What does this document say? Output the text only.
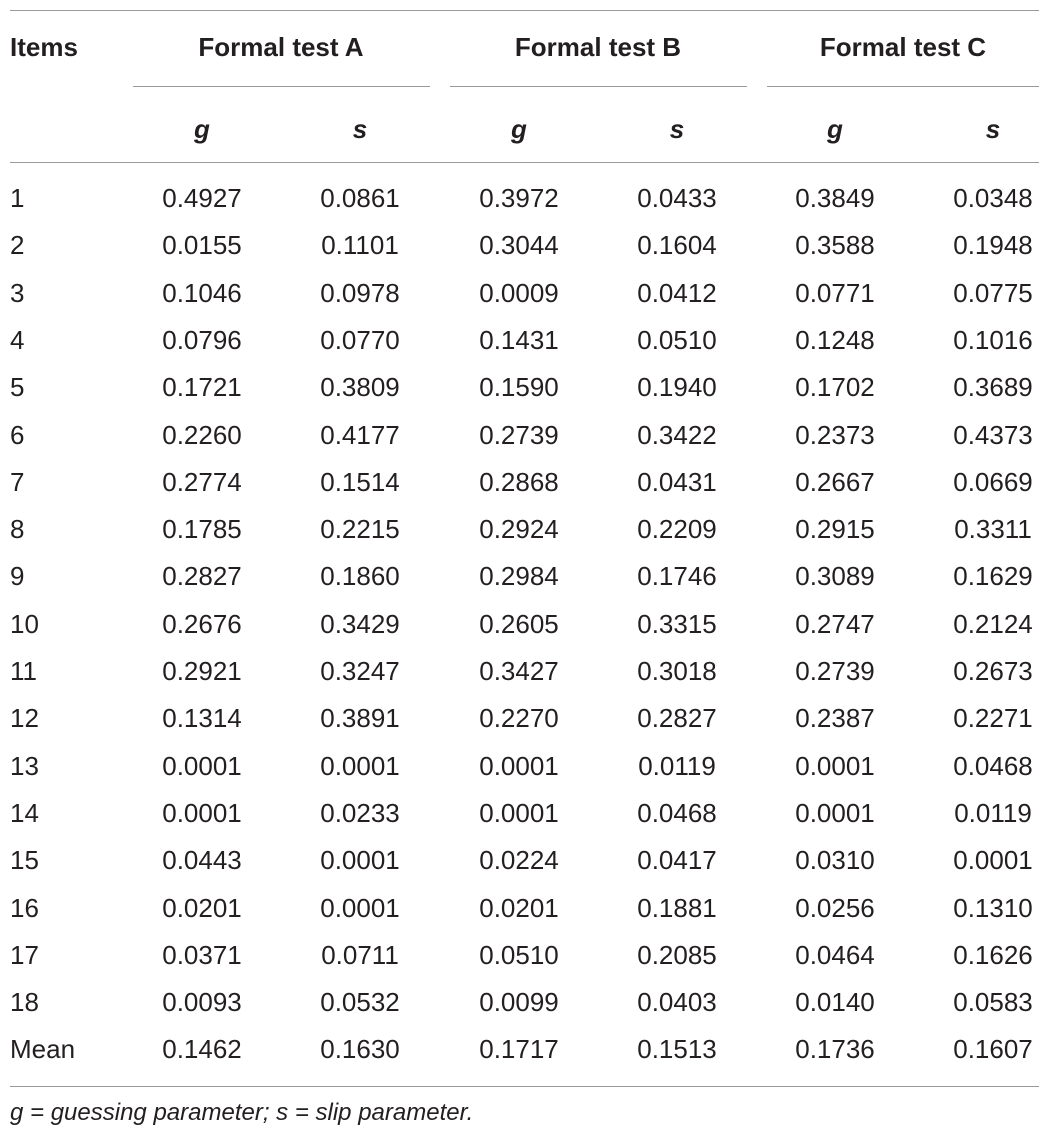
Items	Formal test A	Formal test B	Formal test C
g	s	g	s	g	s
1	0.4927	0.0861	0.3972	0.0433	0.3849	0.0348
2	0.0155	0.1101	0.3044	0.1604	0.3588	0.1948
3	0.1046	0.0978	0.0009	0.0412	0.0771	0.0775
4	0.0796	0.0770	0.1431	0.0510	0.1248	0.1016
5	0.1721	0.3809	0.1590	0.1940	0.1702	0.3689
6	0.2260	0.4177	0.2739	0.3422	0.2373	0.4373
7	0.2774	0.1514	0.2868	0.0431	0.2667	0.0669
8	0.1785	0.2215	0.2924	0.2209	0.2915	0.3311
9	0.2827	0.1860	0.2984	0.1746	0.3089	0.1629
10	0.2676	0.3429	0.2605	0.3315	0.2747	0.2124
11	0.2921	0.3247	0.3427	0.3018	0.2739	0.2673
12	0.1314	0.3891	0.2270	0.2827	0.2387	0.2271
13	0.0001	0.0001	0.0001	0.0119	0.0001	0.0468
14	0.0001	0.0233	0.0001	0.0468	0.0001	0.0119
15	0.0443	0.0001	0.0224	0.0417	0.0310	0.0001
16	0.0201	0.0001	0.0201	0.1881	0.0256	0.1310
17	0.0371	0.0711	0.0510	0.2085	0.0464	0.1626
18	0.0093	0.0532	0.0099	0.0403	0.0140	0.0583
Mean	0.1462	0.1630	0.1717	0.1513	0.1736	0.1607
g = guessing parameter; s = slip parameter.
